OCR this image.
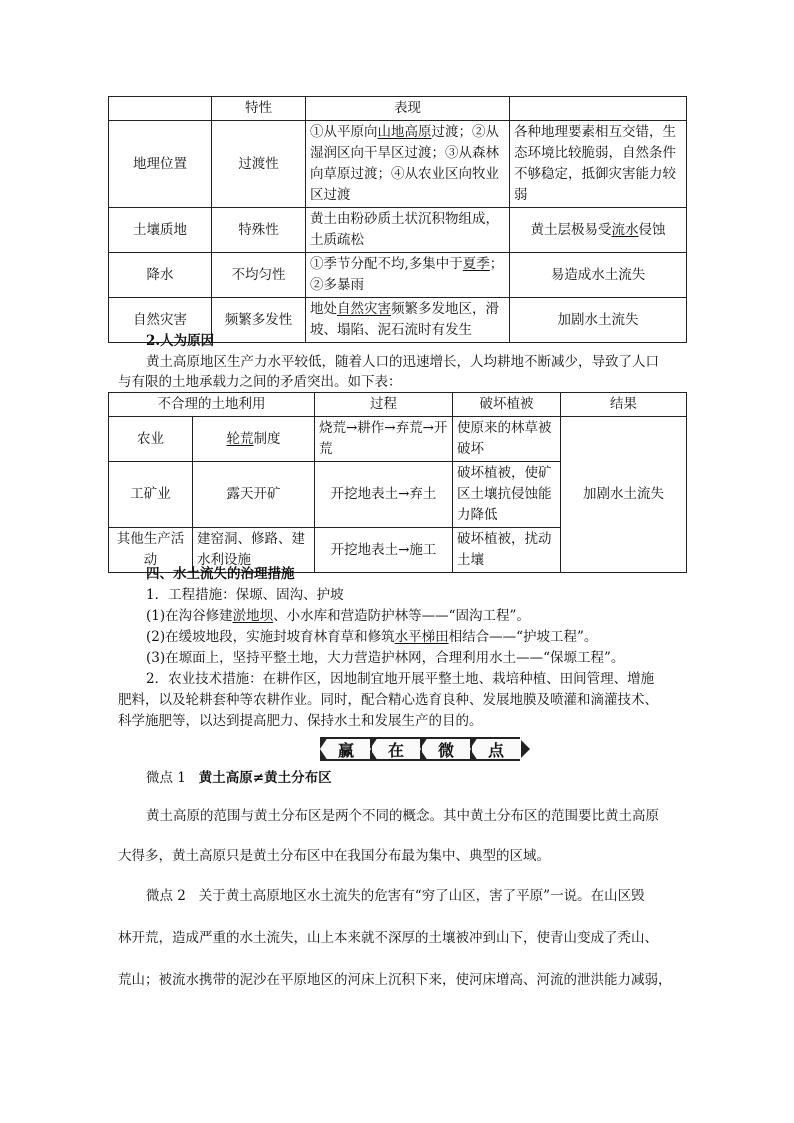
	特性	表现	
地理位置	过渡性	①从平原向山地高原过渡；②从湿润区向干旱区过渡；③从森林向草原过渡；④从农业区向牧业区过渡	各种地理要素相互交错，生态环境比较脆弱，自然条件不够稳定，抵御灾害能力较弱
土壤质地	特殊性	黄土由粉砂质土状沉积物组成，土质疏松	黄土层极易受流水侵蚀
降水	不均匀性	①季节分配不均,多集中于夏季；②多暴雨	易造成水土流失
自然灾害	频繁多发性	地处自然灾害频繁多发地区，滑坡、塌陷、泥石流时有发生	加剧水土流失
2.人为原因
黄土高原地区生产力水平较低，随着人口的迅速增长，人均耕地不断减少，导致了人口
与有限的土地承载力之间的矛盾突出。如下表：
不合理的土地利用		过程	破坏植被	结果
农业	轮荒制度	烧荒→耕作→弃荒→开荒	使原来的林草被破坏	加剧水土流失
工矿业	露天开矿	开挖地表土→弃土	破坏植被，使矿区土壤抗侵蚀能力降低	
其他生产活动	建窑洞、修路、建水利设施	开挖地表土→施工	破坏植被，扰动土壤	
四、水土流失的治理措施
1．工程措施：保塬、固沟、护坡
(1)在沟谷修建淤地坝、小水库和营造防护林等——“固沟工程”。
(2)在缓坡地段，实施封坡育林育草和修筑水平梯田相结合——“护坡工程”。
(3)在塬面上，坚持平整土地，大力营造护林网，合理利用水土——“保塬工程”。
2．农业技术措施：在耕作区，因地制宜地开展平整土地、栽培种植、田间管理、增施
肥料，以及轮耕套种等农耕作业。同时，配合精心选育良种、发展地膜及喷灌和滴灌技术、
科学施肥等，以达到提高肥力、保持水土和发展生产的目的。
赢	在	微	点
微点 1 黄土高原≠黄土分布区
黄土高原的范围与黄土分布区是两个不同的概念。其中黄土分布区的范围要比黄土高原
大得多，黄土高原只是黄土分布区中在我国分布最为集中、典型的区域。
微点 2 关于黄土高原地区水土流失的危害有“穷了山区，害了平原”一说。在山区毁
林开荒，造成严重的水土流失，山上本来就不深厚的土壤被冲到山下，使青山变成了秃山、
荒山；被流水携带的泥沙在平原地区的河床上沉积下来，使河床增高、河流的泄洪能力减弱，
